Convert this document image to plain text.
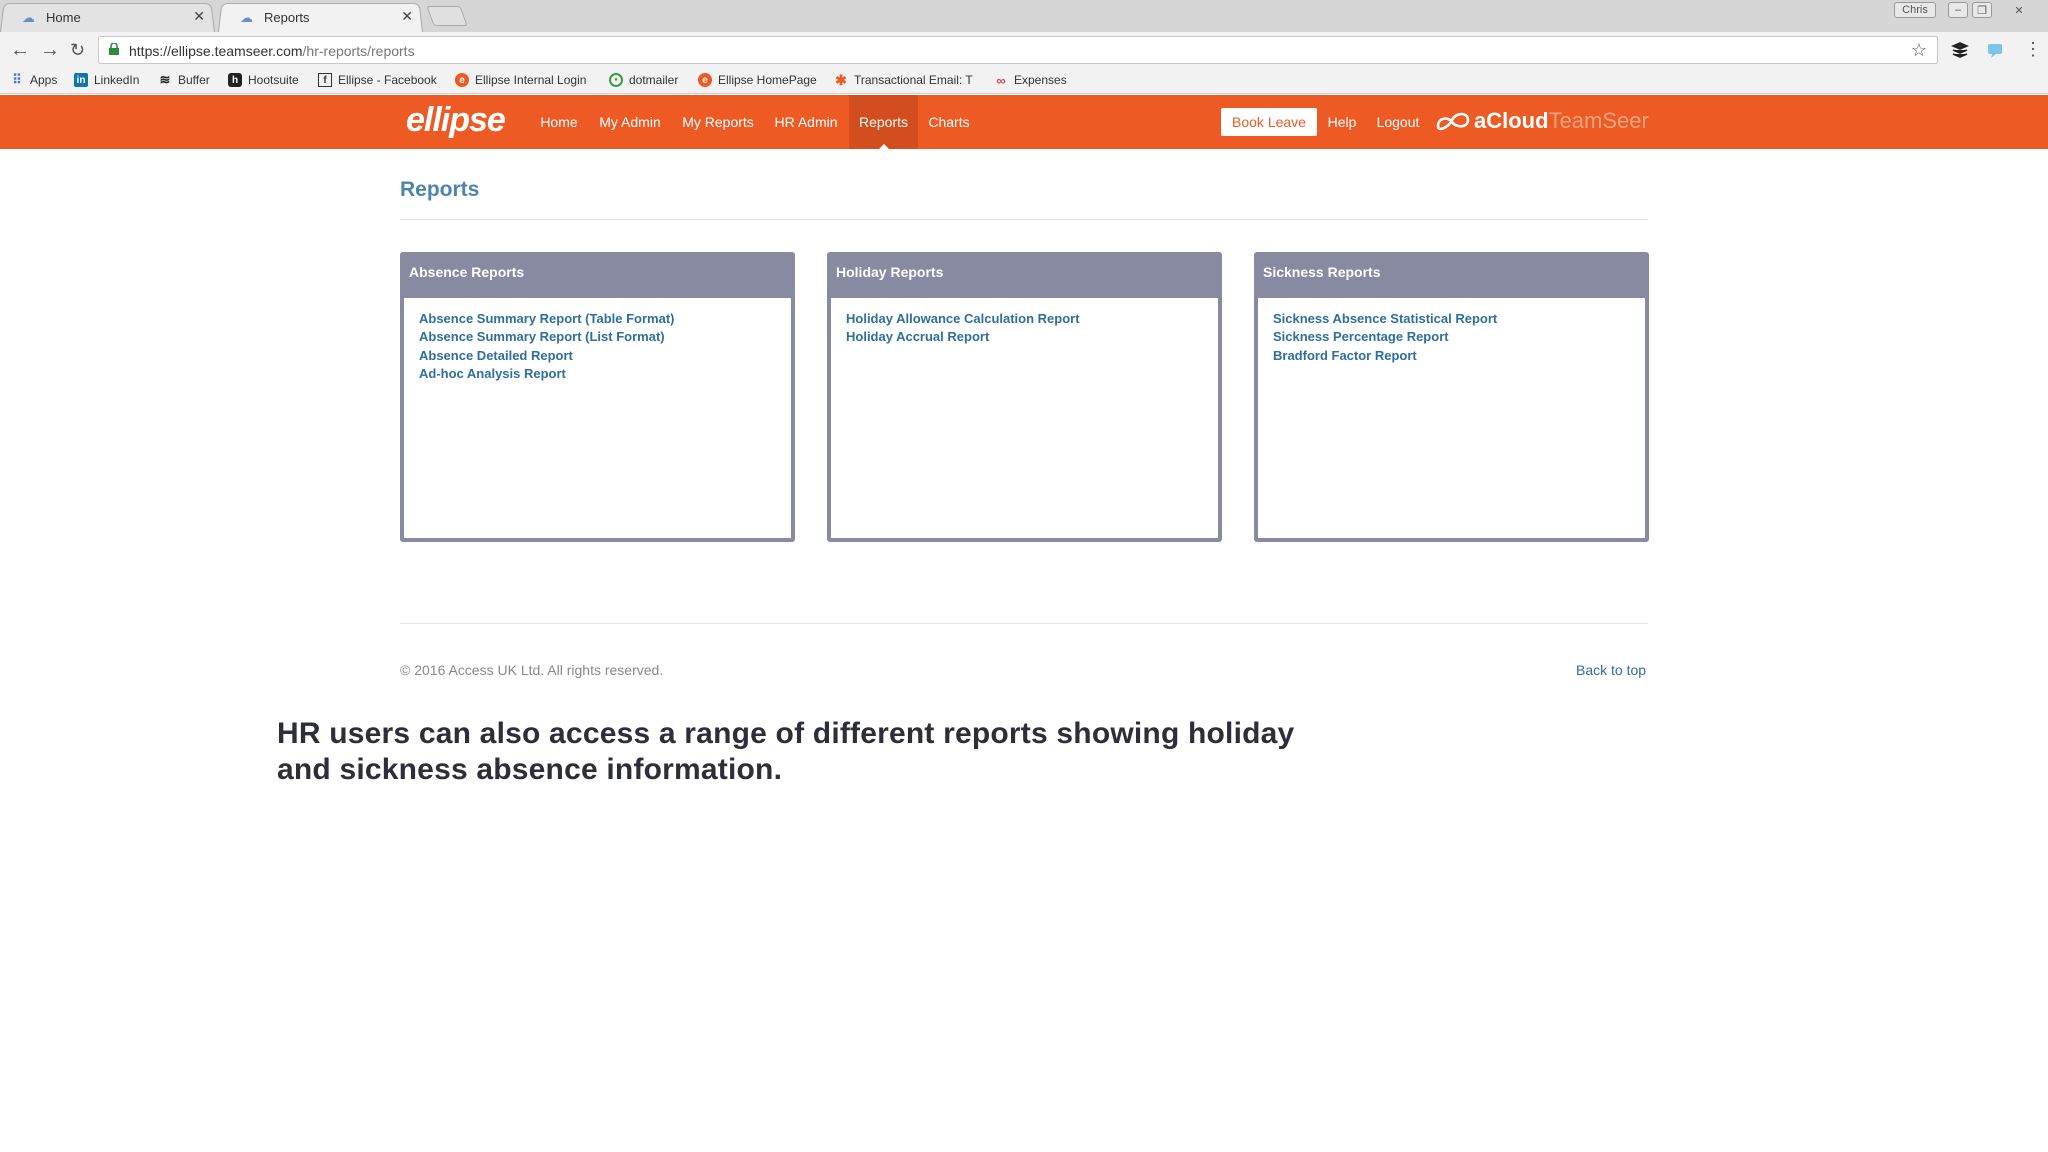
☁ Home	✕	☁ Reports	✕	Chris	–	❐	✕
← → ↻	https://ellipse.teamseer.com/hr-reports/reports	☆	⋮
⠿ Apps in LinkedIn ≋ Buffer	h Hootsuite	f Ellipse - Facebook	e Ellipse Internal Login	● dotmailer	e Ellipse HomePage ✱ Transactional Email: T ∞ Expenses
ellipse	Home	My Admin	My Reports	HR Admin	Reports	Charts	Book Leave	Help	Logout aCloud TeamSeer
Reports
Absence Reports
Absence Summary Report (Table Format)
Absence Summary Report (List Format)
Absence Detailed Report
Ad-hoc Analysis Report
Holiday Reports
Holiday Allowance Calculation Report
Holiday Accrual Report
Sickness Reports
Sickness Absence Statistical Report
Sickness Percentage Report
Bradford Factor Report
© 2016 Access UK Ltd. All rights reserved.	Back to top
HR users can also access a range of different reports showing holiday
and sickness absence information.
